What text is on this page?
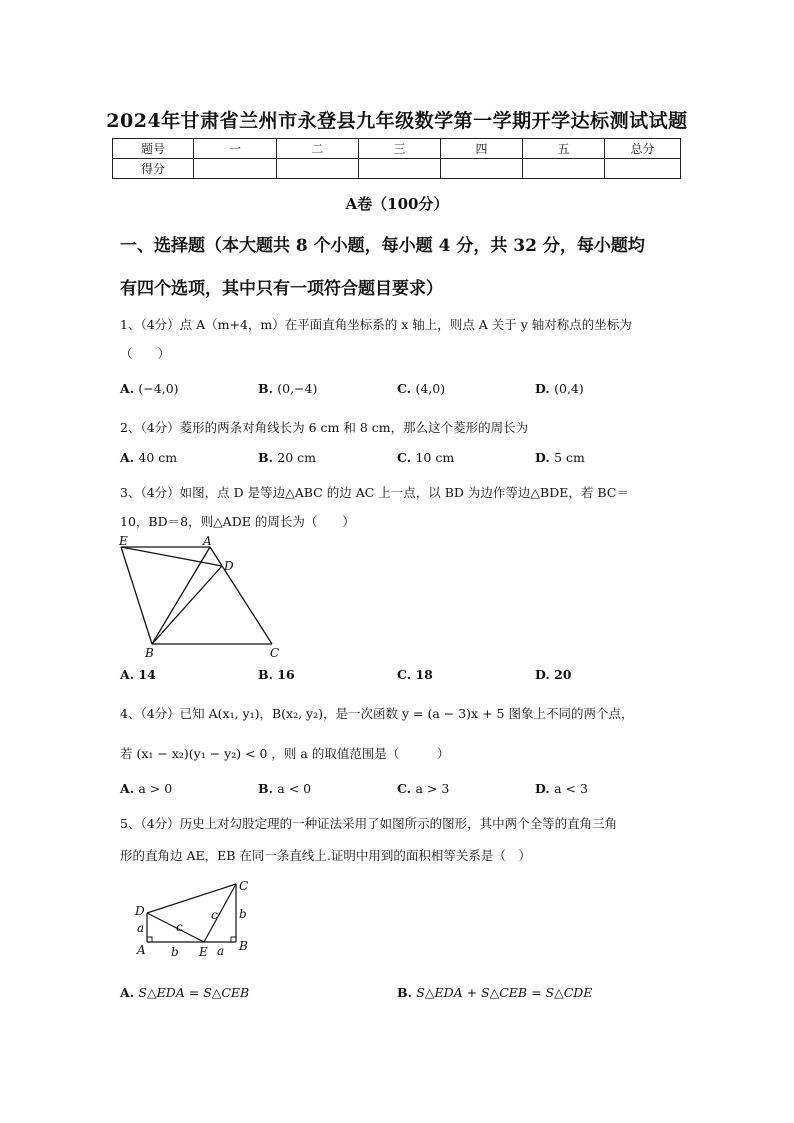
2024年甘肃省兰州市永登县九年级数学第一学期开学达标测试试题
题号	一	二	三	四	五	总分
得分						
A卷（100分）
一、选择题（本大题共 8 个小题，每小题 4 分，共 32 分，每小题均
有四个选项，其中只有一项符合题目要求）
1、（4分）点 A（m+4，m）在平面直角坐标系的 x 轴上，则点 A 关于 y 轴对称点的坐标为
（　　）
A. (−4,0)	B. (0,−4)	C. (4,0)	D. (0,4)
2、（4分）菱形的两条对角线长为 6 cm 和 8 cm，那么这个菱形的周长为
A. 40 cm	B. 20 cm	C. 10 cm	D. 5 cm
3、（4分）如图，点 D 是等边△ABC 的边 AC 上一点，以 BD 为边作等边△BDE，若 BC＝
10，BD＝8，则△ADE 的周长为（　　）
E	A
D
B	C
A. 14	B. 16	C. 18	D. 20
4、（4分）已知 A(x₁, y₁)，B(x₂, y₂)，是一次函数 y = (a − 3)x + 5 图象上不同的两个点，
若 (x₁ − x₂)(y₁ − y₂) < 0 ，则 a 的取值范围是（　　　）
A. a > 0	B. a < 0	C. a > 3	D. a < 3
5、（4分）历史上对勾股定理的一种证法采用了如图所示的图形，其中两个全等的直角三角
形的直角边 AE，EB 在同一条直线上.证明中用到的面积相等关系是（　）
C
D	c
c
a
b
A b E a B
A. S△EDA = S△CEB	B. S△EDA + S△CEB = S△CDE
